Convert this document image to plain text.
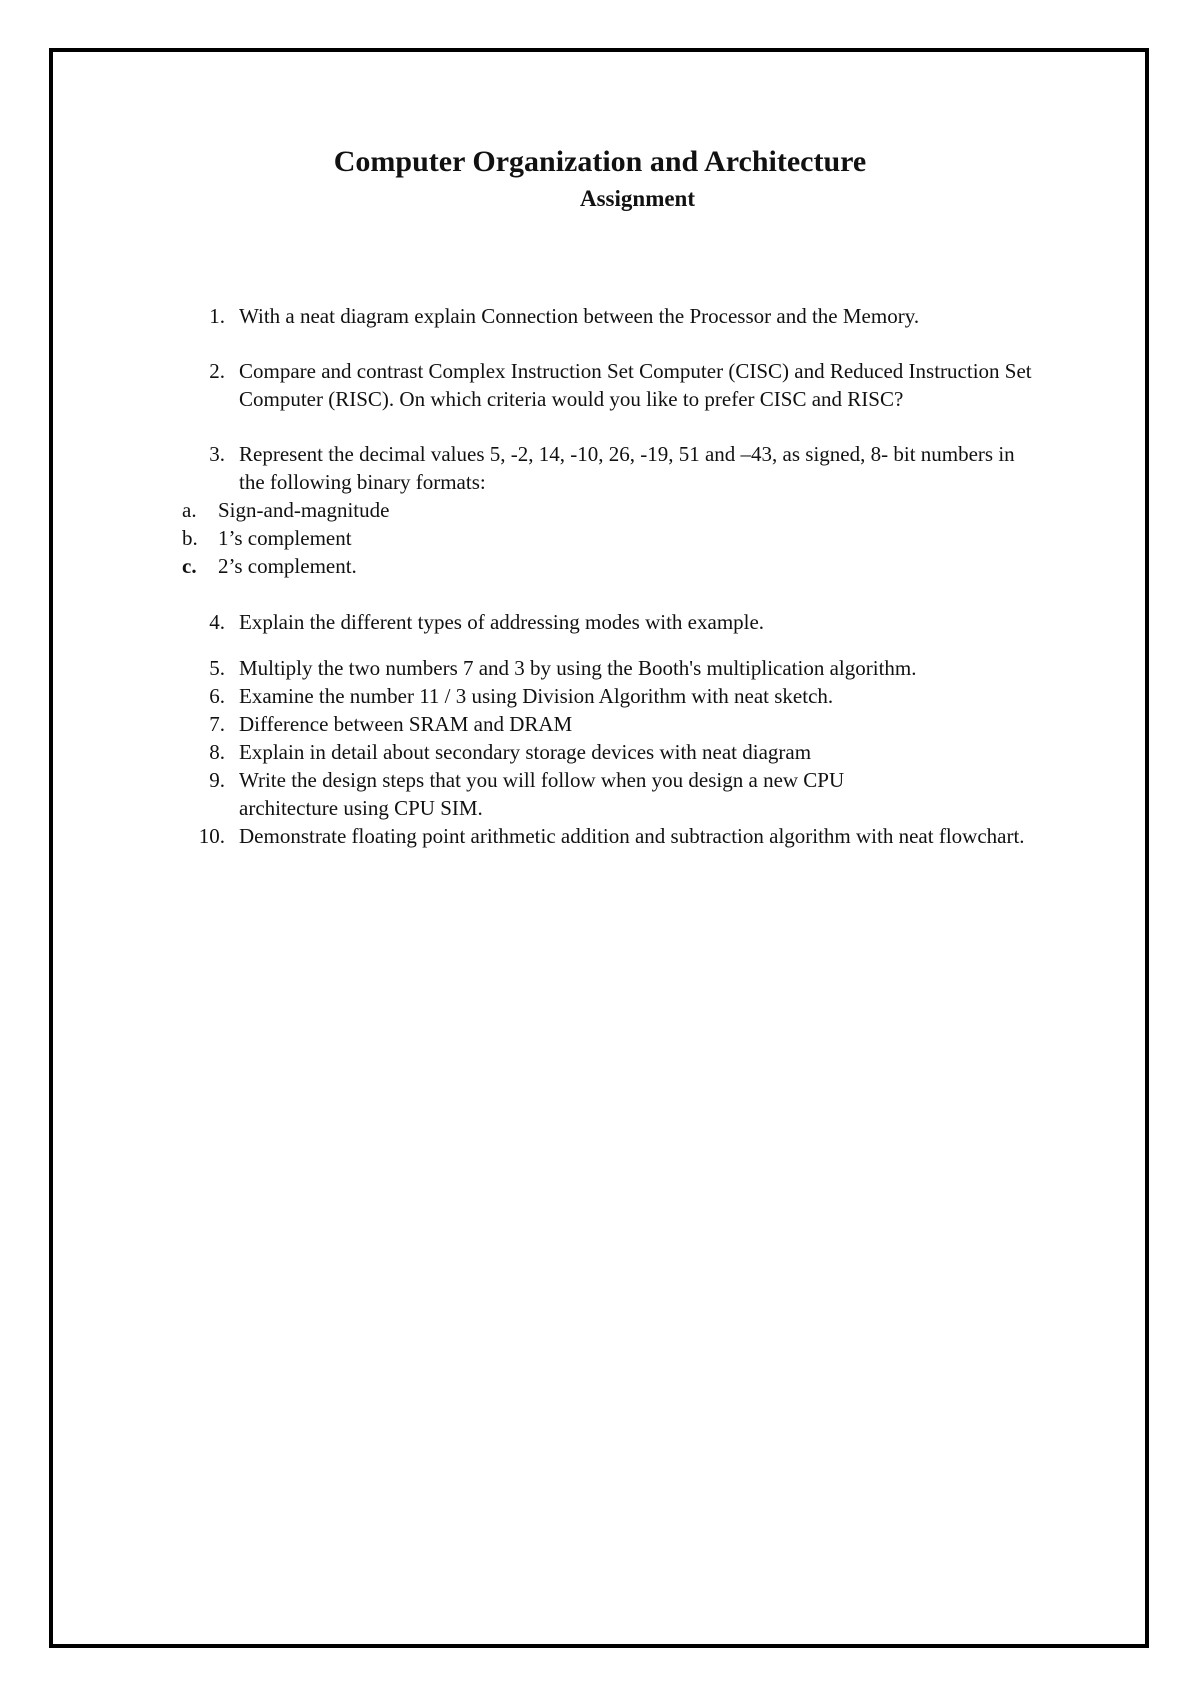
Computer Organization and Architecture
Assignment
1. With a neat diagram explain Connection between the Processor and the Memory.
2. Compare and contrast Complex Instruction Set Computer (CISC) and Reduced Instruction Set Computer (RISC). On which criteria would you like to prefer CISC and RISC?
3. Represent the decimal values 5, -2, 14, -10, 26, -19, 51 and –43, as signed, 8- bit numbers in the following binary formats:
a. Sign-and-magnitude
b. 1’s complement
c. 2’s complement.
4. Explain the different types of addressing modes with example.
5. Multiply the two numbers 7 and 3 by using the Booth's multiplication algorithm.
6. Examine the number 11 / 3 using Division Algorithm with neat sketch.
7. Difference between SRAM and DRAM
8. Explain in detail about secondary storage devices with neat diagram
9. Write the design steps that you will follow when you design a new CPU architecture using CPU SIM.
10. Demonstrate floating point arithmetic addition and subtraction algorithm with neat flowchart.
